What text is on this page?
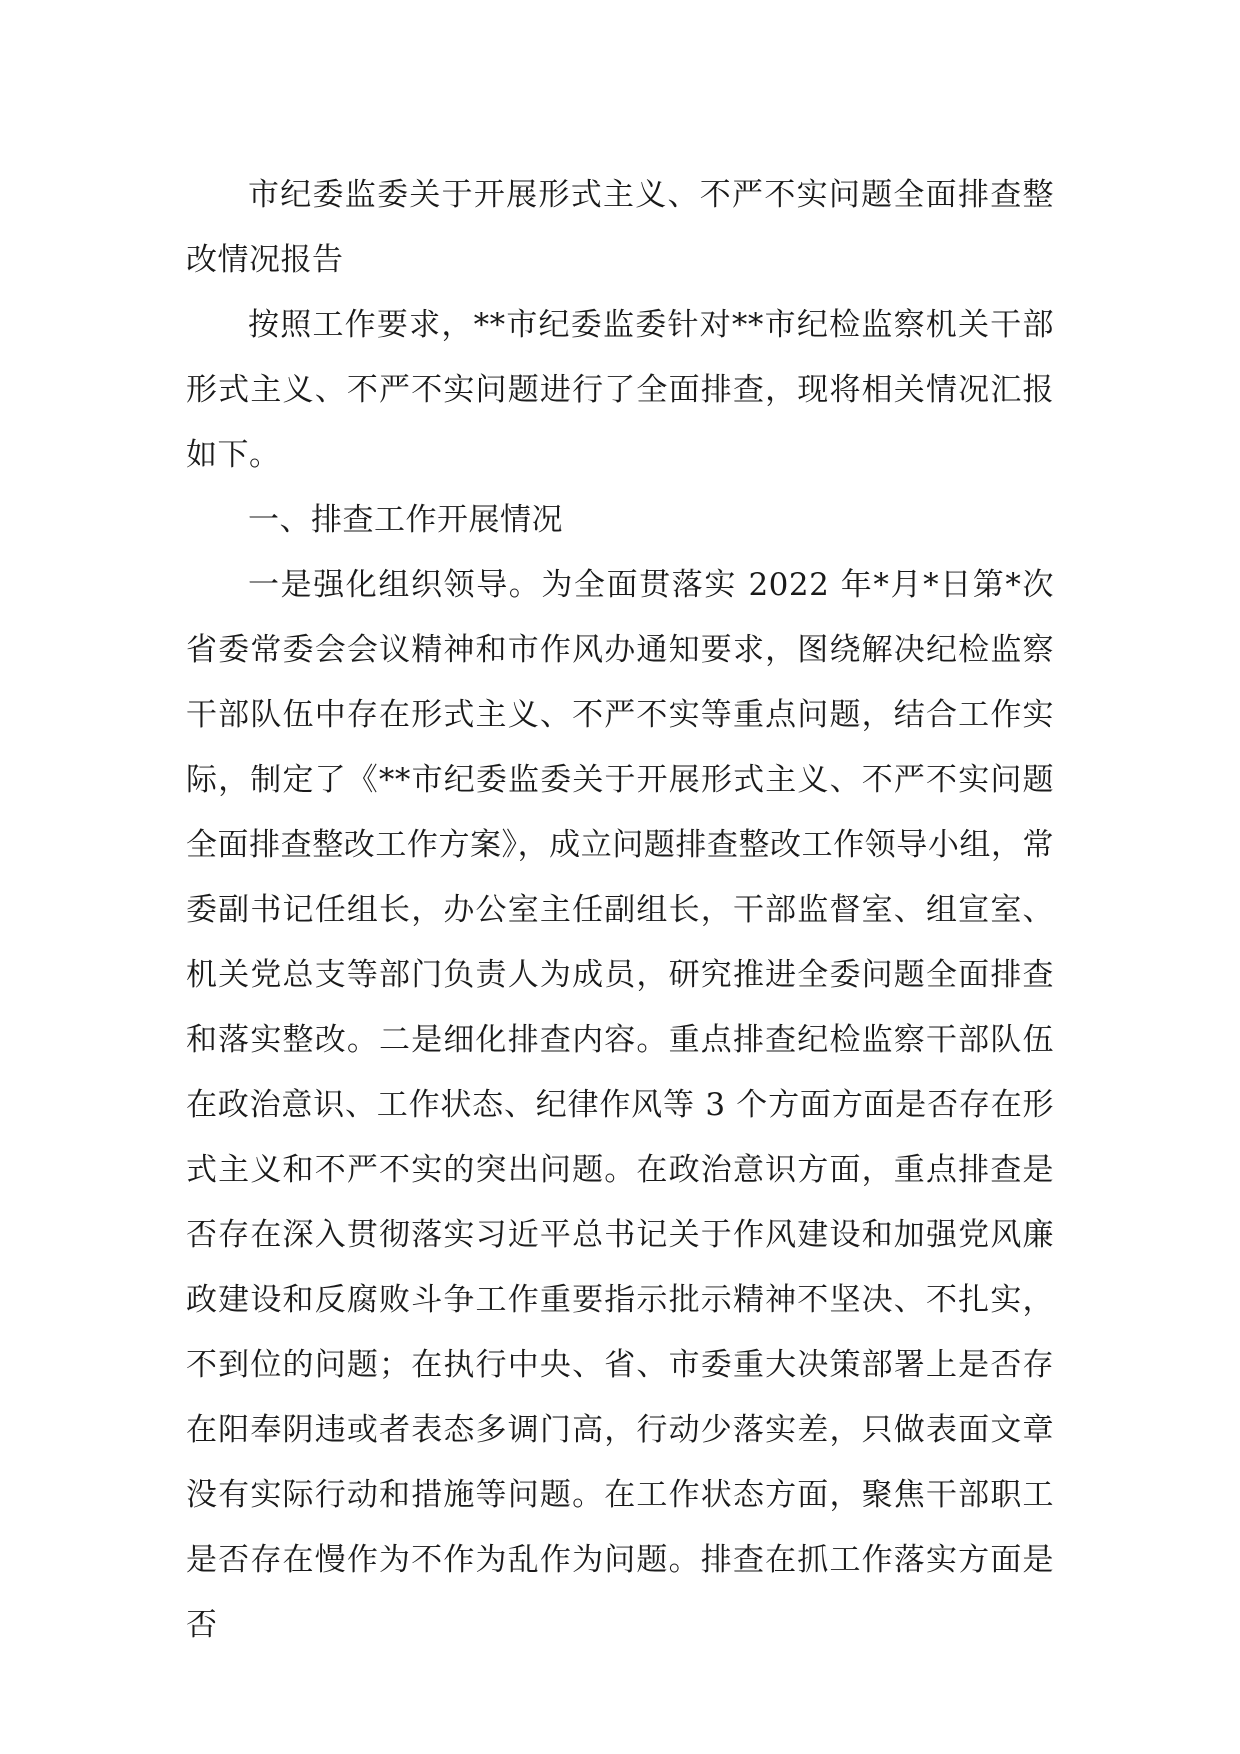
市纪委监委关于开展形式主义、不严不实问题全面排查整改情况报告

按照工作要求，**市纪委监委针对**市纪检监察机关干部形式主义、不严不实问题进行了全面排查，现将相关情况汇报如下。

一、排查工作开展情况

一是强化组织领导。为全面贯落实 2022 年*月*日第*次省委常委会会议精神和市作风办通知要求，图绕解决纪检监察干部队伍中存在形式主义、不严不实等重点问题，结合工作实际，制定了《**市纪委监委关于开展形式主义、不严不实问题全面排查整改工作方案》，成立问题排查整改工作领导小组，常委副书记任组长，办公室主任副组长，干部监督室、组宣室、机关党总支等部门负责人为成员，研究推进全委问题全面排查和落实整改。二是细化排查内容。重点排查纪检监察干部队伍在政治意识、工作状态、纪律作风等 3 个方面方面是否存在形式主义和不严不实的突出问题。在政治意识方面，重点排查是否存在深入贯彻落实习近平总书记关于作风建设和加强党风廉政建设和反腐败斗争工作重要指示批示精神不坚决、不扎实，不到位的问题；在执行中央、省、市委重大决策部署上是否存在阳奉阴违或者表态多调门高，行动少落实差，只做表面文章没有实际行动和措施等问题。在工作状态方面，聚焦干部职工是否存在慢作为不作为乱作为问题。排查在抓工作落实方面是否
